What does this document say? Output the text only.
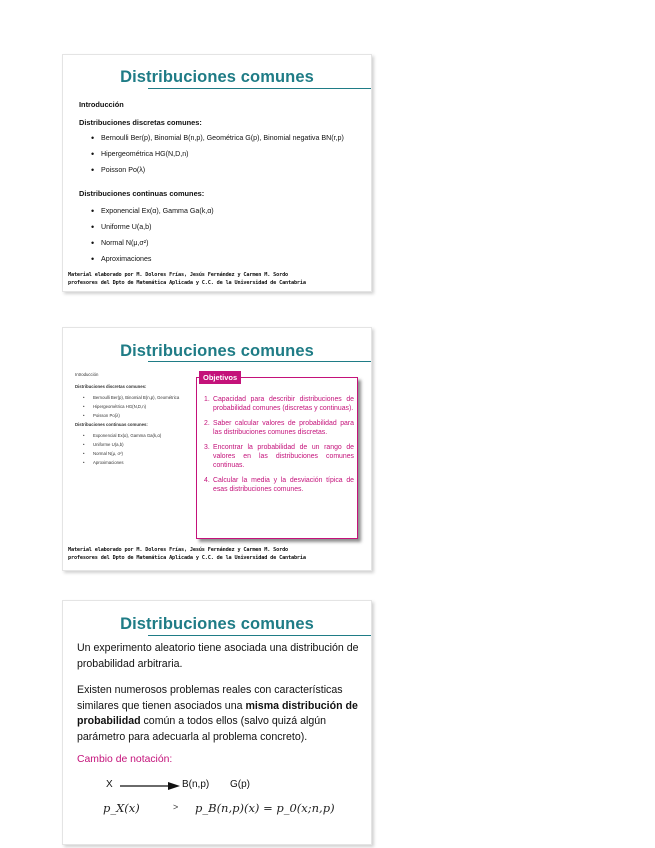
Distribuciones comunes
Introducción
Distribuciones discretas comunes:
• Bernoulli Ber(p), Binomial B(n,p), Geométrica G(p), Binomial negativa BN(r,p)
• Hipergeométrica HG(N,D,n)
• Poisson Po(λ)
Distribuciones continuas comunes:
• Exponencial Ex(α), Gamma Ga(k,α)
• Uniforme U(a,b)
• Normal N(μ,σ²)
• Aproximaciones
Material elaborado por M. Dolores Frías, Jesús Fernández y Carmen M. Sordo
profesores del Dpto de Matemática Aplicada y C.C. de la Universidad de Cantabria
Distribuciones comunes
Introducción
Distribuciones discretas comunes:
• Bernoulli Ber(p), Binomial B(n,p), Geométrica
• Hipergeométrica HG(N,D,n)
• Poisson Po(λ)
Distribuciones continuas comunes:
• Exponencial Ex(α), Gamma Ga(k,α)
• Uniforme U(a,b)
• Normal N(μ, σ²)
• Aproximaciones
1. Capacidad para describir distribuciones de probabilidad comunes (discretas y continuas).
2. Saber calcular valores de probabilidad para las distribuciones comunes discretas.
3. Encontrar la probabilidad de un rango de valores en las distribuciones comunes continuas.
4. Calcular la media y la desviación típica de esas distribuciones comunes.
Objetivos
Material elaborado por M. Dolores Frías, Jesús Fernández y Carmen M. Sordo
profesores del Dpto de Matemática Aplicada y C.C. de la Universidad de Cantabria
Distribuciones comunes
Un experimento aleatorio tiene asociada una distribución de probabilidad arbitraria.
Existen numerosos problemas reales con características similares que tienen asociados una misma distribución de probabilidad común a todos ellos (salvo quizá algún parámetro para adecuarla al problema concreto).
Cambio de notación:
X	B(n,p) G(p)
p_X(x)	> p_B(n,p)(x) = p_0(x;n,p)
